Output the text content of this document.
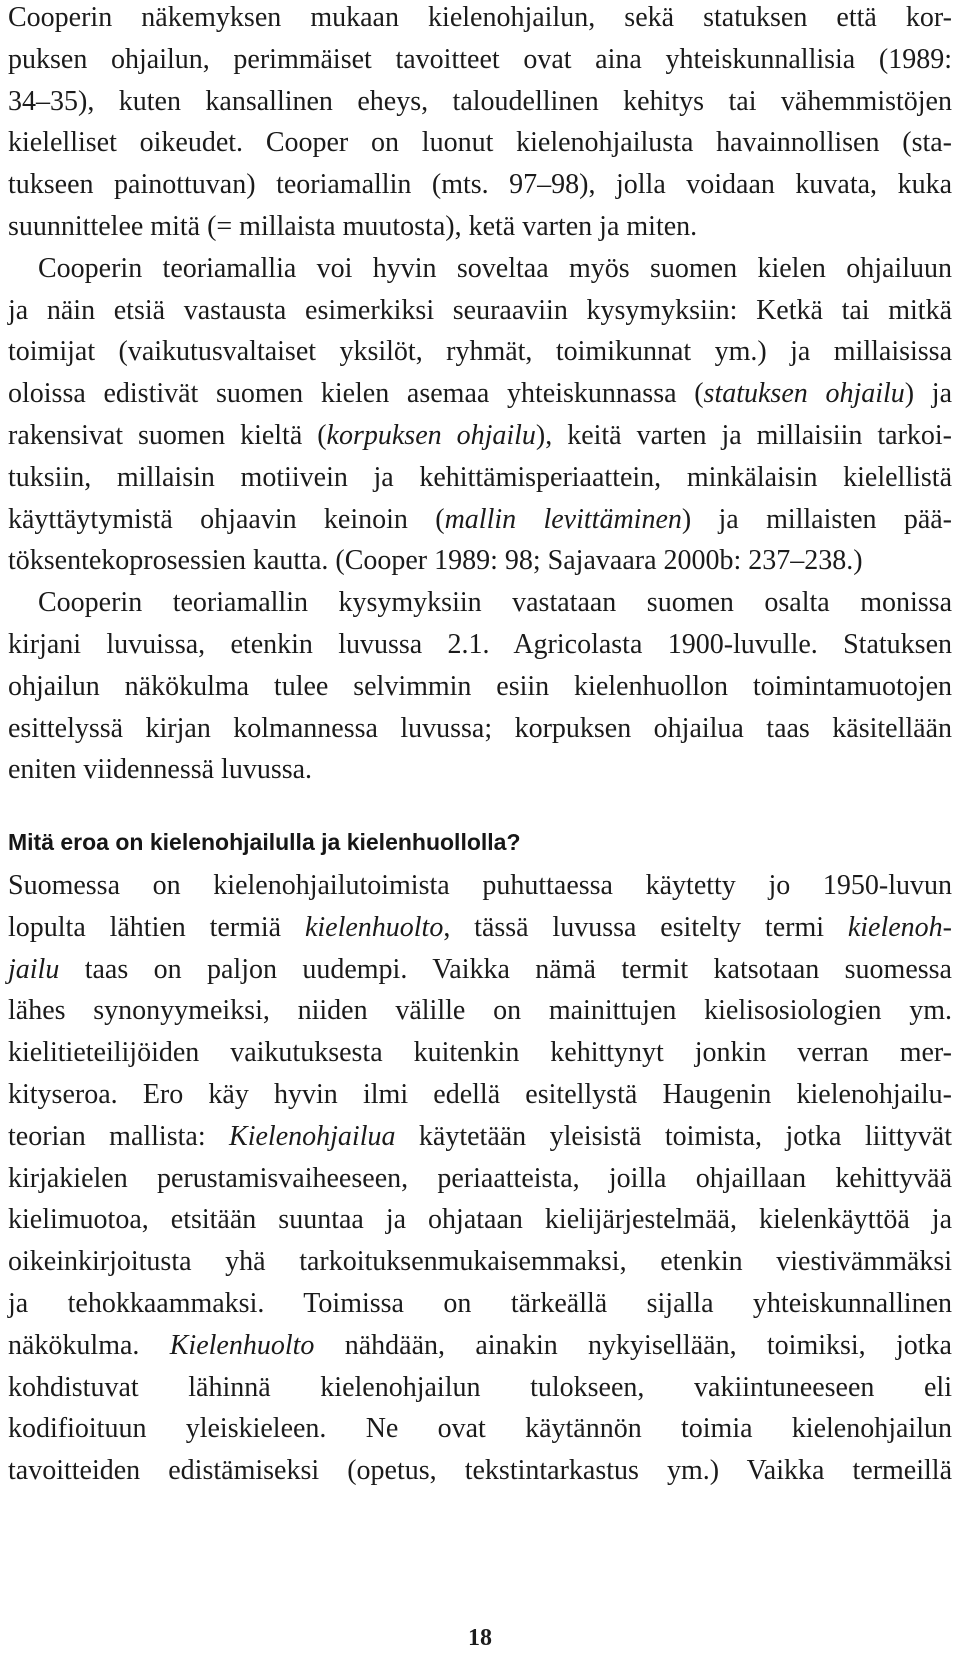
Cooperin näkemyksen mukaan kielenohjailun, sekä statuksen että kor-
puksen ohjailun, perimmäiset tavoitteet ovat aina yhteiskunnallisia (1989:
34–35), kuten kansallinen eheys, taloudellinen kehitys tai vähemmistöjen
kielelliset oikeudet. Cooper on luonut kielenohjailusta havainnollisen (sta-
tukseen painottuvan) teoriamallin (mts. 97–98), jolla voidaan kuvata, kuka
suunnittelee mitä (= millaista muutosta), ketä varten ja miten.
Cooperin teoriamallia voi hyvin soveltaa myös suomen kielen ohjailuun
ja näin etsiä vastausta esimerkiksi seuraaviin kysymyksiin: Ketkä tai mitkä
toimijat (vaikutusvaltaiset yksilöt, ryhmät, toimikunnat ym.) ja millaisissa
oloissa edistivät suomen kielen asemaa yhteiskunnassa (statuksen ohjailu) ja
rakensivat suomen kieltä (korpuksen ohjailu), keitä varten ja millaisiin tarkoi-
tuksiin, millaisin motiivein ja kehittämisperiaattein, minkälaisin kielellistä
käyttäytymistä ohjaavin keinoin (mallin levittäminen) ja millaisten pää-
töksentekoprosessien kautta. (Cooper 1989: 98; Sajavaara 2000b: 237–238.)
Cooperin teoriamallin kysymyksiin vastataan suomen osalta monissa
kirjani luvuissa, etenkin luvussa 2.1. Agricolasta 1900-luvulle. Statuksen
ohjailun näkökulma tulee selvimmin esiin kielenhuollon toimintamuotojen
esittelyssä kirjan kolmannessa luvussa; korpuksen ohjailua taas käsitellään
eniten viidennessä luvussa.
Mitä eroa on kielenohjailulla ja kielenhuollolla?
Suomessa on kielenohjailutoimista puhuttaessa käytetty jo 1950-luvun
lopulta lähtien termiä kielenhuolto, tässä luvussa esitelty termi kielenoh-
jailu taas on paljon uudempi. Vaikka nämä termit katsotaan suomessa
lähes synonyymeiksi, niiden välille on mainittujen kielisosiologien ym.
kielitieteilijöiden vaikutuksesta kuitenkin kehittynyt jonkin verran mer-
kityseroa. Ero käy hyvin ilmi edellä esitellystä Haugenin kielenohjailu-
teorian mallista: Kielenohjailua käytetään yleisistä toimista, jotka liittyvät
kirjakielen perustamisvaiheeseen, periaatteista, joilla ohjaillaan kehittyvää
kielimuotoa, etsitään suuntaa ja ohjataan kielijärjestelmää, kielenkäyttöä ja
oikeinkirjoitusta yhä tarkoituksenmukaisemmaksi, etenkin viestivämmäksi
ja tehokkaammaksi. Toimissa on tärkeällä sijalla yhteiskunnallinen
näkökulma. Kielenhuolto nähdään, ainakin nykyisellään, toimiksi, jotka
kohdistuvat lähinnä kielenohjailun tulokseen, vakiintuneeseen eli
kodifioituun yleiskieleen. Ne ovat käytännön toimia kielenohjailun
tavoitteiden edistämiseksi (opetus, tekstintarkastus ym.) Vaikka termeillä
18
